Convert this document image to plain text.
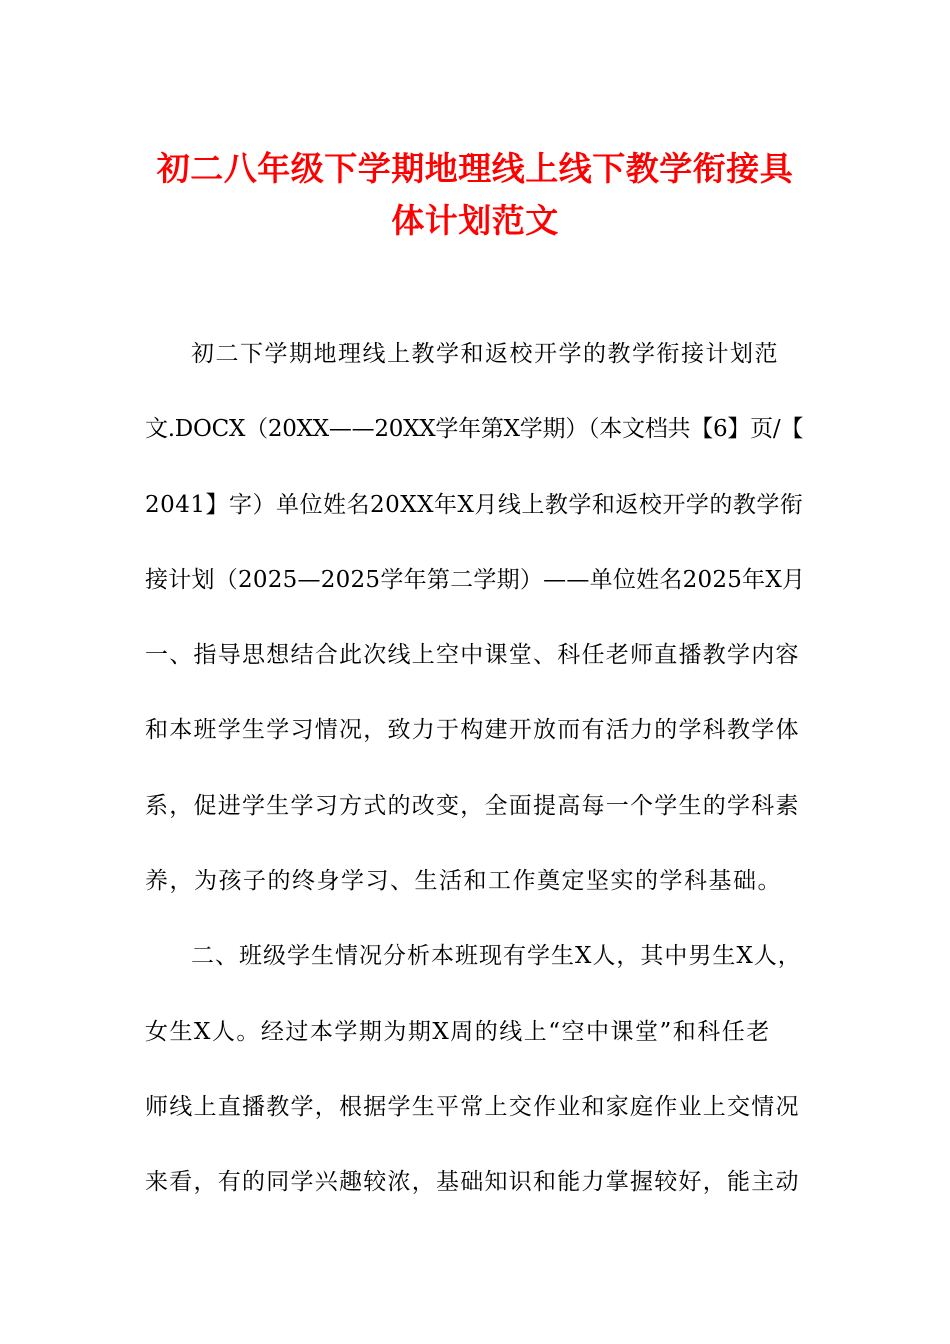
初二八年级下学期地理线上线下教学衔接具
体计划范文
初二下学期地理线上教学和返校开学的教学衔接计划范
文.DOCX（20XX——20XX学年第X学期）（本文档共【6】页/【
2041】字）单位姓名20XX年X月线上教学和返校开学的教学衔
接计划（2025—2025学年第二学期）——单位姓名2025年X月
一、指导思想结合此次线上空中课堂、科任老师直播教学内容
和本班学生学习情况，致力于构建开放而有活力的学科教学体
系，促进学生学习方式的改变，全面提高每一个学生的学科素
养，为孩子的终身学习、生活和工作奠定坚实的学科基础。
二、班级学生情况分析本班现有学生X人，其中男生X人，
女生X人。经过本学期为期X周的线上“空中课堂”和科任老
师线上直播教学，根据学生平常上交作业和家庭作业上交情况
来看，有的同学兴趣较浓，基础知识和能力掌握较好，能主动
